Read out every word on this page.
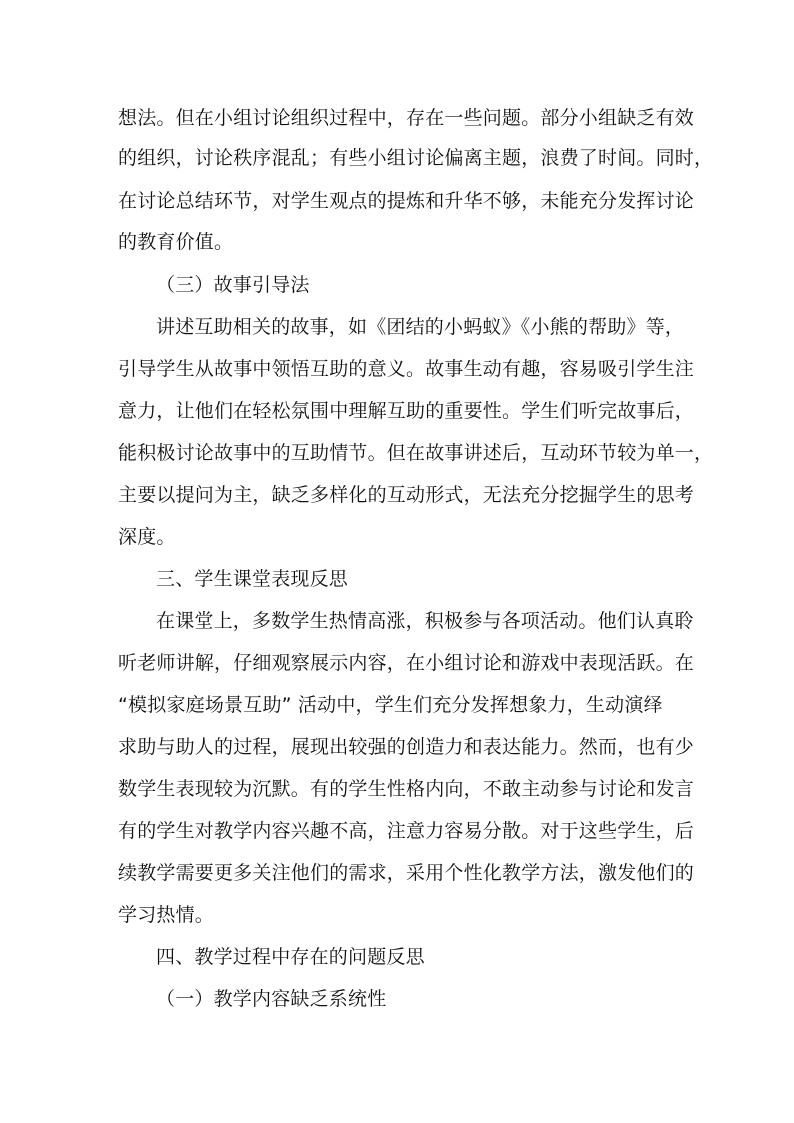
想法。但在小组讨论组织过程中，存在一些问题。部分小组缺乏有效
的组织，讨论秩序混乱；有些小组讨论偏离主题，浪费了时间。同时，
在讨论总结环节，对学生观点的提炼和升华不够，未能充分发挥讨论
的教育价值。
（三）故事引导法
讲述互助相关的故事，如《团结的小蚂蚁》《小熊的帮助》等，
引导学生从故事中领悟互助的意义。故事生动有趣，容易吸引学生注
意力，让他们在轻松氛围中理解互助的重要性。学生们听完故事后，
能积极讨论故事中的互助情节。但在故事讲述后，互动环节较为单一，
主要以提问为主，缺乏多样化的互动形式，无法充分挖掘学生的思考
深度。
三、学生课堂表现反思
在课堂上，多数学生热情高涨，积极参与各项活动。他们认真聆
听老师讲解，仔细观察展示内容，在小组讨论和游戏中表现活跃。在
“模拟家庭场景互助” 活动中，学生们充分发挥想象力，生动演绎
求助与助人的过程，展现出较强的创造力和表达能力。然而，也有少
数学生表现较为沉默。有的学生性格内向，不敢主动参与讨论和发言
有的学生对教学内容兴趣不高，注意力容易分散。对于这些学生，后
续教学需要更多关注他们的需求，采用个性化教学方法，激发他们的
学习热情。
四、教学过程中存在的问题反思
（一）教学内容缺乏系统性
